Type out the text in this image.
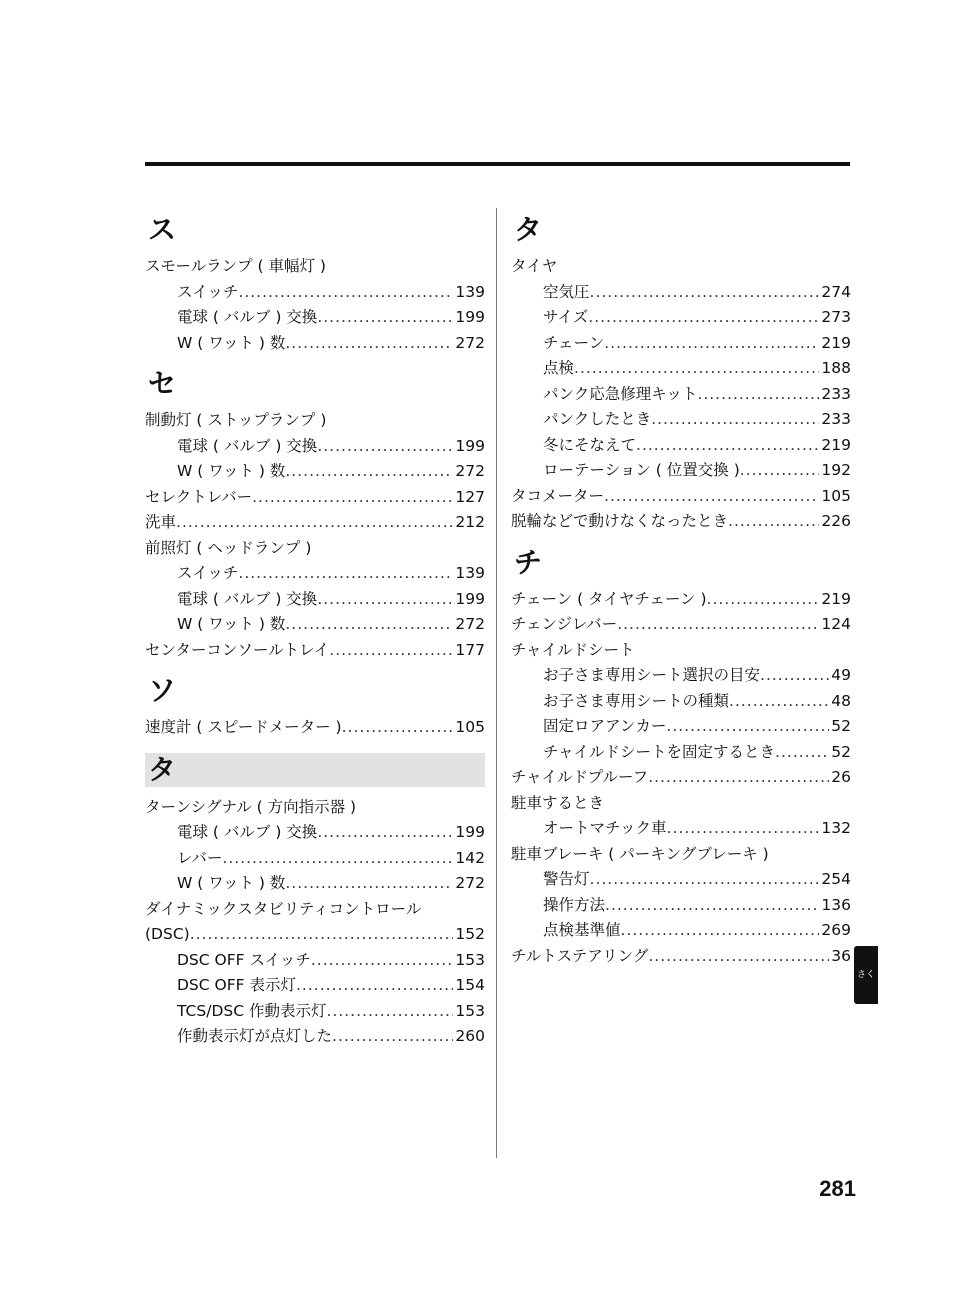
ス
スモールランプ ( 車幅灯 )
スイッチ .....	139
電球 ( バルブ ) 交換 .....	199
W ( ワット ) 数 .....	272
セ
制動灯 ( ストップランプ )
電球 ( バルブ ) 交換 .....	199
W ( ワット ) 数 .....	272
セレクトレバー .....	127
洗車 .....	212
前照灯 ( ヘッドランプ )
スイッチ .....	139
電球 ( バルブ ) 交換 .....	199
W ( ワット ) 数 .....	272
センターコンソールトレイ .....	177
ソ
速度計 ( スピードメーター ) .....	105
タ
ターンシグナル ( 方向指示器 )
電球 ( バルブ ) 交換 .....	199
レバー .....	142
W ( ワット ) 数 .....	272
ダイナミックスタビリティコントロール
(DSC) .....	152
DSC OFF スイッチ .....	153
DSC OFF 表示灯 .....	154
TCS/DSC 作動表示灯 .....	153
作動表示灯が点灯した .....	260
タ
タイヤ
空気圧 .....	274
サイズ .....	273
チェーン .....	219
点検 .....	188
パンク応急修理キット .....	233
パンクしたとき .....	233
冬にそなえて .....	219
ローテーション ( 位置交換 ) .....	192
タコメーター .....	105
脱輪などで動けなくなったとき .....	226
チ
チェーン ( タイヤチェーン ) .....	219
チェンジレバー .....	124
チャイルドシート
お子さま専用シート選択の目安 .....	49
お子さま専用シートの種類 .....	48
固定ロアアンカー .....	52
チャイルドシートを固定するとき .....	52
チャイルドプルーフ .....	26
駐車するとき
オートマチック車 .....	132
駐車ブレーキ ( パーキングブレーキ )
警告灯 .....	254
操作方法 .....	136
点検基準値 .....	269
チルトステアリング .....	36
さくいん
281
